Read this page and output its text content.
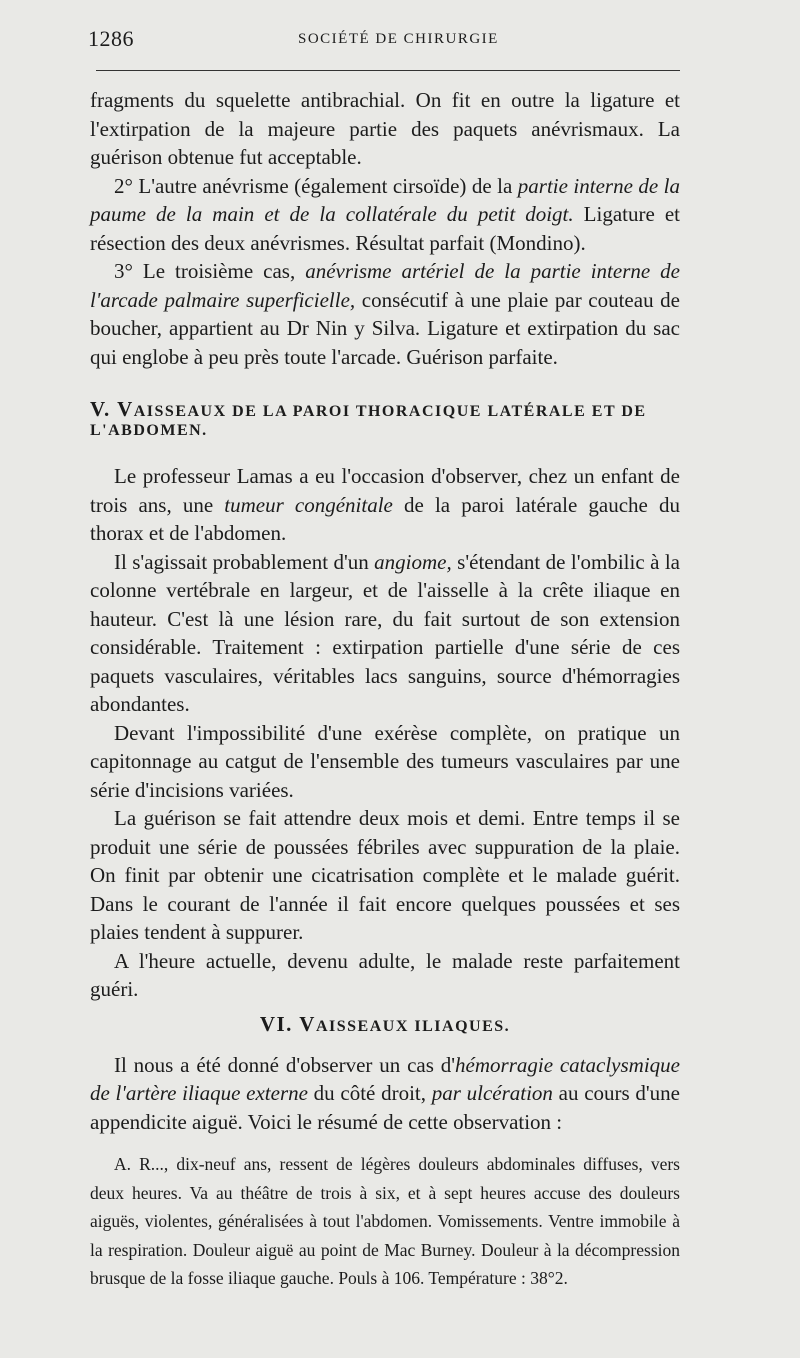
1286	SOCIÉTÉ DE CHIRURGIE

fragments du squelette antibrachial. On fit en outre la ligature et l'extirpation de la majeure partie des paquets anévrismaux. La guérison obtenue fut acceptable.

2° L'autre anévrisme (également cirsoïde) de la partie interne de la paume de la main et de la collatérale du petit doigt. Ligature et résection des deux anévrismes. Résultat parfait (Mondino).

3° Le troisième cas, anévrisme artériel de la partie interne de l'arcade palmaire superficielle, consécutif à une plaie par couteau de boucher, appartient au Dr Nin y Silva. Ligature et extirpation du sac qui englobe à peu près toute l'arcade. Guérison parfaite.

V. VAISSEAUX DE LA PAROI THORACIQUE LATÉRALE ET DE L'ABDOMEN.

Le professeur Lamas a eu l'occasion d'observer, chez un enfant de trois ans, une tumeur congénitale de la paroi latérale gauche du thorax et de l'abdomen.

Il s'agissait probablement d'un angiome, s'étendant de l'ombilic à la colonne vertébrale en largeur, et de l'aisselle à la crête iliaque en hauteur. C'est là une lésion rare, du fait surtout de son extension considérable. Traitement : extirpation partielle d'une série de ces paquets vasculaires, véritables lacs sanguins, source d'hémorragies abondantes.

Devant l'impossibilité d'une exérèse complète, on pratique un capitonnage au catgut de l'ensemble des tumeurs vasculaires par une série d'incisions variées.

La guérison se fait attendre deux mois et demi. Entre temps il se produit une série de poussées fébriles avec suppuration de la plaie. On finit par obtenir une cicatrisation complète et le malade guérit. Dans le courant de l'année il fait encore quelques poussées et ses plaies tendent à suppurer.

A l'heure actuelle, devenu adulte, le malade reste parfaitement guéri.

VI. VAISSEAUX ILIAQUES.

Il nous a été donné d'observer un cas d'hémorragie cataclysmique de l'artère iliaque externe du côté droit, par ulcération au cours d'une appendicite aiguë. Voici le résumé de cette observation :

A. R..., dix-neuf ans, ressent de légères douleurs abdominales diffuses, vers deux heures. Va au théâtre de trois à six, et à sept heures accuse des douleurs aiguës, violentes, généralisées à tout l'abdomen. Vomissements. Ventre immobile à la respiration. Douleur aiguë au point de Mac Burney. Douleur à la décompression brusque de la fosse iliaque gauche. Pouls à 106. Température : 38°2.
